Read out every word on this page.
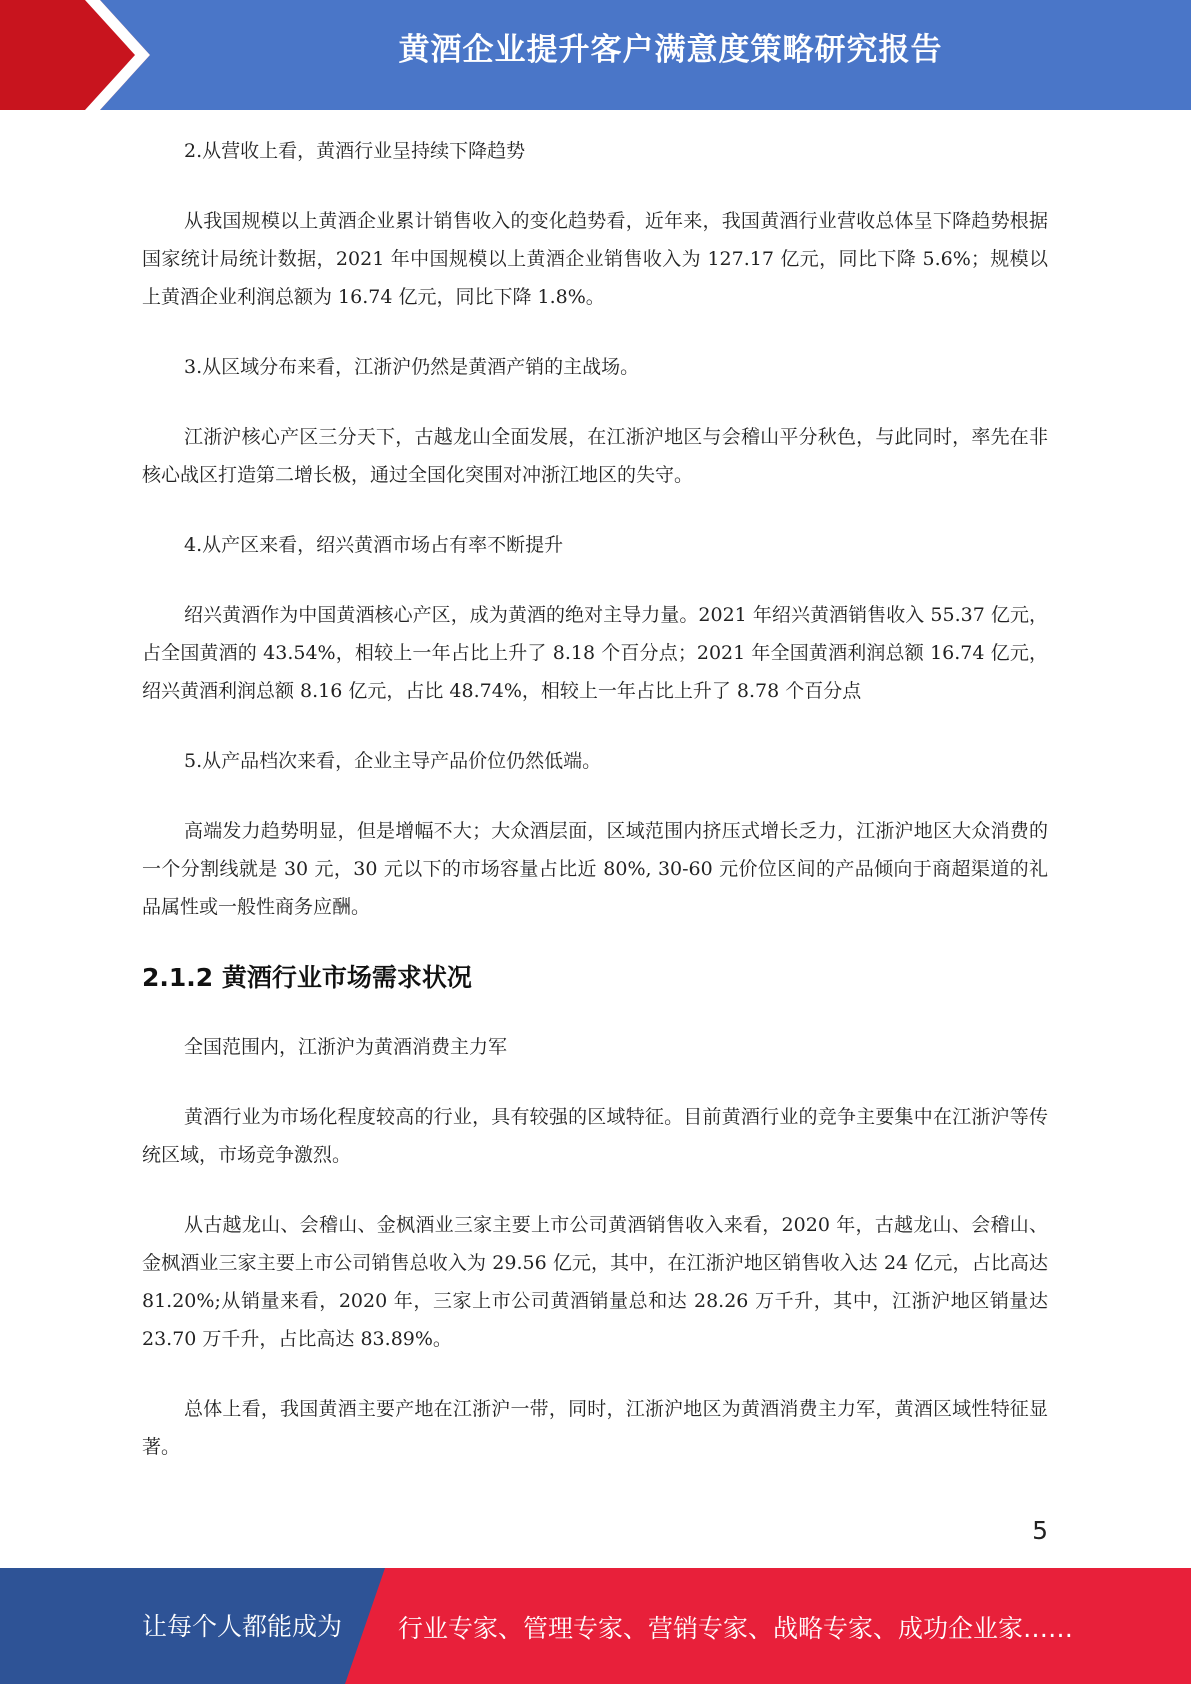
黄酒企业提升客户满意度策略研究报告

2.从营收上看，黄酒行业呈持续下降趋势

从我国规模以上黄酒企业累计销售收入的变化趋势看，近年来，我国黄酒行业营收总体呈下降趋势根据国家统计局统计数据，2021 年中国规模以上黄酒企业销售收入为 127.17 亿元，同比下降 5.6%；规模以上黄酒企业利润总额为 16.74 亿元，同比下降 1.8%。

3.从区域分布来看，江浙沪仍然是黄酒产销的主战场。

江浙沪核心产区三分天下，古越龙山全面发展，在江浙沪地区与会稽山平分秋色，与此同时，率先在非核心战区打造第二增长极，通过全国化突围对冲浙江地区的失守。

4.从产区来看，绍兴黄酒市场占有率不断提升

绍兴黄酒作为中国黄酒核心产区，成为黄酒的绝对主导力量。2021 年绍兴黄酒销售收入 55.37 亿元，占全国黄酒的 43.54%，相较上一年占比上升了 8.18 个百分点；2021 年全国黄酒利润总额 16.74 亿元，绍兴黄酒利润总额 8.16 亿元，占比 48.74%，相较上一年占比上升了 8.78 个百分点

5.从产品档次来看，企业主导产品价位仍然低端。

高端发力趋势明显，但是增幅不大；大众酒层面，区域范围内挤压式增长乏力，江浙沪地区大众消费的一个分割线就是 30 元，30 元以下的市场容量占比近 80%, 30-60 元价位区间的产品倾向于商超渠道的礼品属性或一般性商务应酬。

2.1.2 黄酒行业市场需求状况

全国范围内，江浙沪为黄酒消费主力军

黄酒行业为市场化程度较高的行业，具有较强的区域特征。目前黄酒行业的竞争主要集中在江浙沪等传统区域，市场竞争激烈。

从古越龙山、会稽山、金枫酒业三家主要上市公司黄酒销售收入来看，2020 年，古越龙山、会稽山、金枫酒业三家主要上市公司销售总收入为 29.56 亿元，其中，在江浙沪地区销售收入达 24 亿元，占比高达 81.20%;从销量来看，2020 年，三家上市公司黄酒销量总和达 28.26 万千升，其中，江浙沪地区销量达 23.70 万千升，占比高达 83.89%。

总体上看，我国黄酒主要产地在江浙沪一带，同时，江浙沪地区为黄酒消费主力军，黄酒区域性特征显著。

5
让每个人都能成为 行业专家、管理专家、营销专家、战略专家、成功企业家……
